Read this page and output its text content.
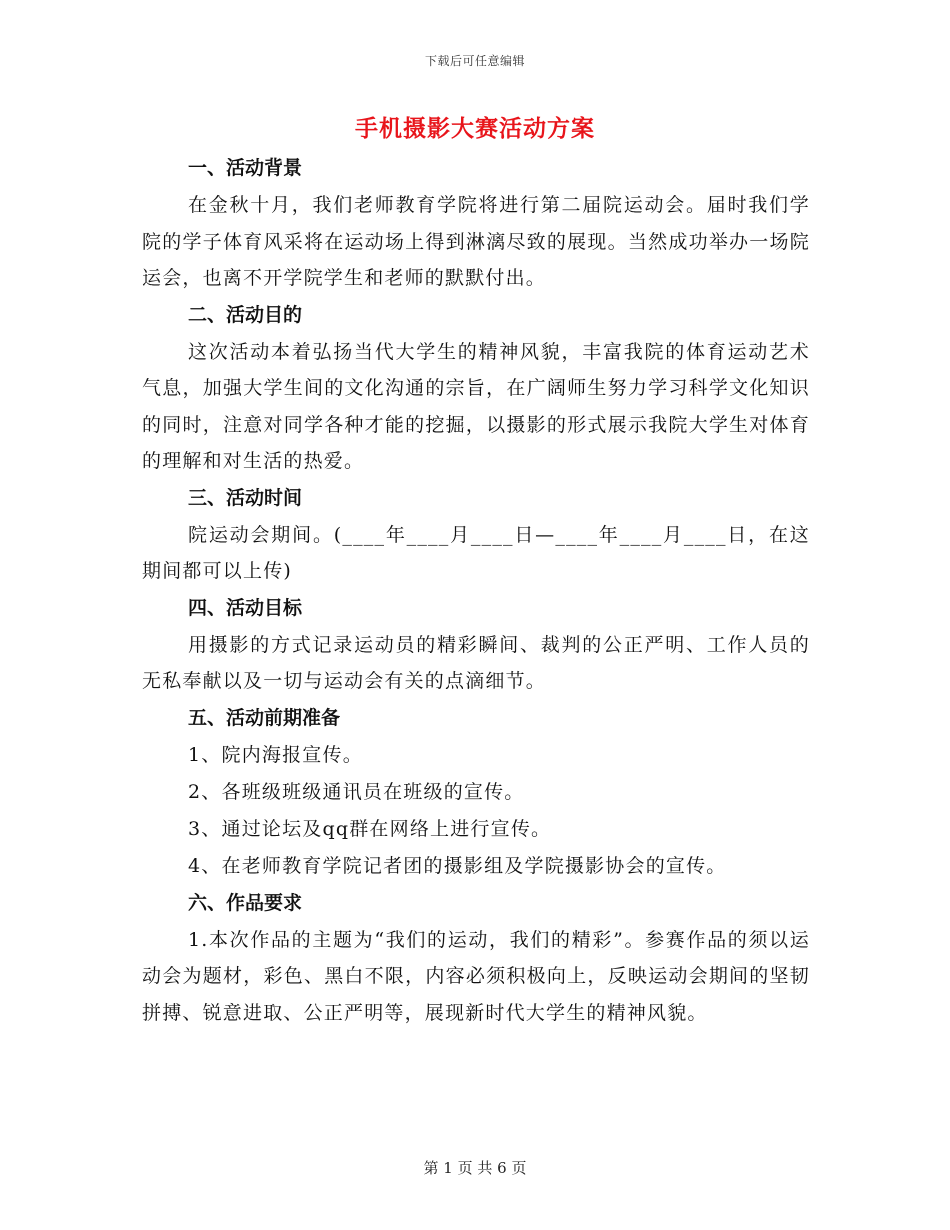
下载后可任意编辑
手机摄影大赛活动方案

一、活动背景

在金秋十月，我们老师教育学院将进行第二届院运动会。届时我们学院的学子体育风采将在运动场上得到淋漓尽致的展现。当然成功举办一场院运会，也离不开学院学生和老师的默默付出。

二、活动目的

这次活动本着弘扬当代大学生的精神风貌，丰富我院的体育运动艺术气息，加强大学生间的文化沟通的宗旨，在广阔师生努力学习科学文化知识的同时，注意对同学各种才能的挖掘，以摄影的形式展示我院大学生对体育的理解和对生活的热爱。

三、活动时间

院运动会期间。(____年____月____日—____年____月____日，在这期间都可以上传)

四、活动目标

用摄影的方式记录运动员的精彩瞬间、裁判的公正严明、工作人员的无私奉献以及一切与运动会有关的点滴细节。

五、活动前期准备

1、院内海报宣传。

2、各班级班级通讯员在班级的宣传。

3、通过论坛及qq群在网络上进行宣传。

4、在老师教育学院记者团的摄影组及学院摄影协会的宣传。

六、作品要求

1.本次作品的主题为“我们的运动，我们的精彩”。参赛作品的须以运动会为题材，彩色、黑白不限，内容必须积极向上，反映运动会期间的坚韧拼搏、锐意进取、公正严明等，展现新时代大学生的精神风貌。

第 1 页 共 6 页
